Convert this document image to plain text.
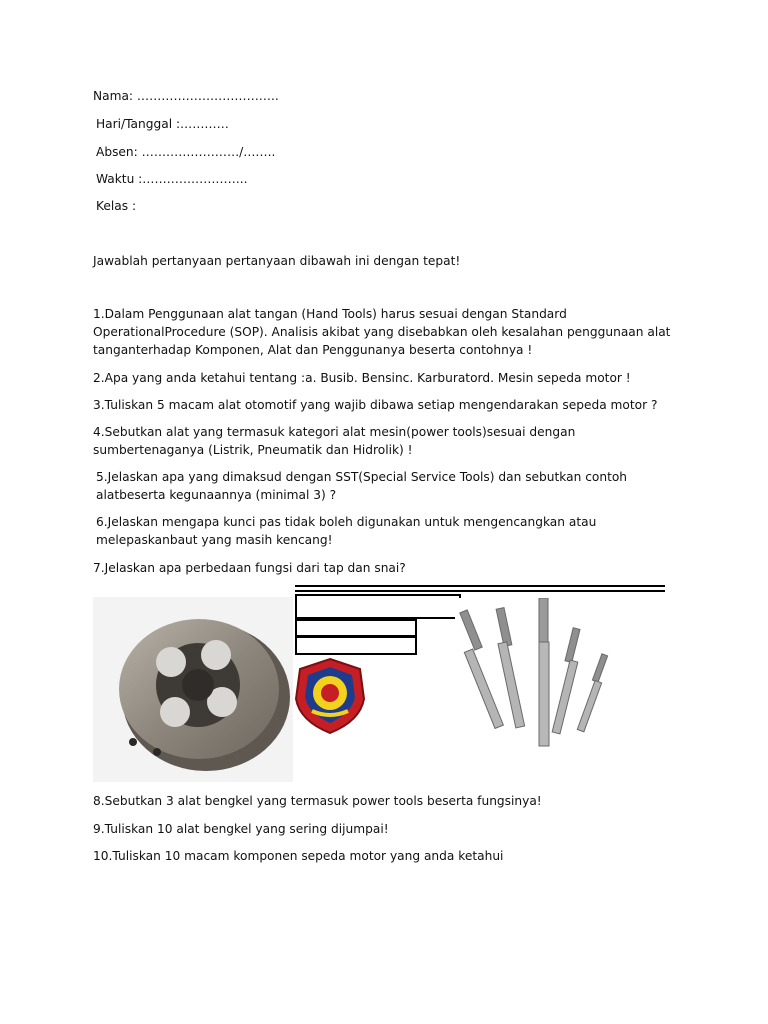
Nama: ……………………………..
Hari/Tanggal :…………
Absen: ……………………/……..
Waktu :……………………..
Kelas :
Jawablah pertanyaan pertanyaan dibawah ini dengan tepat!
1.Dalam Penggunaan alat tangan (Hand Tools) harus sesuai dengan Standard OperationalProcedure (SOP). Analisis akibat yang disebabkan oleh kesalahan penggunaan alat tanganterhadap Komponen, Alat dan Penggunanya beserta contohnya !
2.Apa yang anda ketahui tentang :a. Busib. Bensinc. Karburatord. Mesin sepeda motor !
3.Tuliskan 5 macam alat otomotif yang wajib dibawa setiap mengendarakan sepeda motor ?
4.Sebutkan alat yang termasuk kategori alat mesin(power tools)sesuai dengan sumbertenaganya (Listrik, Pneumatik dan Hidrolik) !
5.Jelaskan apa yang dimaksud dengan SST(Special Service Tools) dan sebutkan contoh alatbeserta kegunaannya (minimal 3) ?
6.Jelaskan mengapa kunci pas tidak boleh digunakan untuk mengencangkan atau melepaskanbaut yang masih kencang!
7.Jelaskan apa perbedaan fungsi dari tap dan snai?
8.Sebutkan 3 alat bengkel yang termasuk power tools beserta fungsinya!
9.Tuliskan 10 alat bengkel yang sering dijumpai!
10.Tuliskan 10 macam komponen sepeda motor yang anda ketahui
